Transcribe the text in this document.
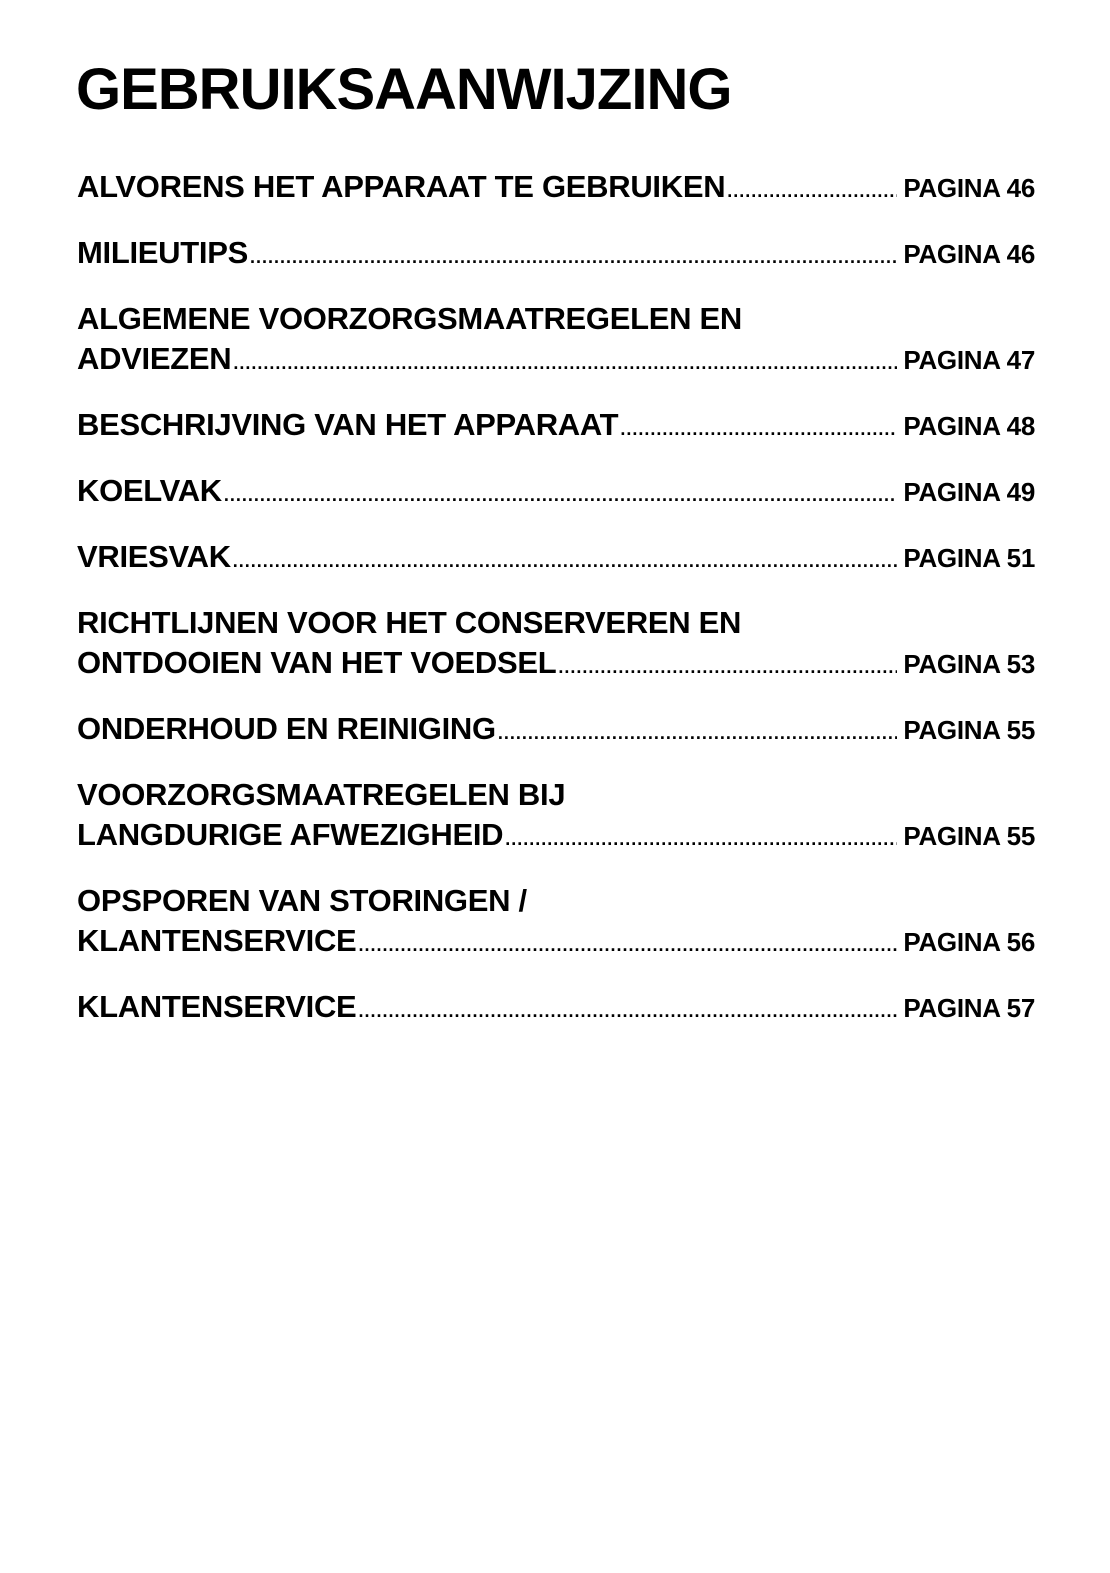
GEBRUIKSAANWIJZING
ALVORENS HET APPARAAT TE GEBRUIKEN .....	PAGINA 46
MILIEUTIPS .....	PAGINA 46
ALGEMENE VOORZORGSMAATREGELEN EN
ADVIEZEN .....	PAGINA 47
BESCHRIJVING VAN HET APPARAAT .....	PAGINA 48
KOELVAK .....	PAGINA 49
VRIESVAK .....	PAGINA 51
RICHTLIJNEN VOOR HET CONSERVEREN EN
ONTDOOIEN VAN HET VOEDSEL .....	PAGINA 53
ONDERHOUD EN REINIGING .....	PAGINA 55
VOORZORGSMAATREGELEN BIJ
LANGDURIGE AFWEZIGHEID .....	PAGINA 55
OPSPOREN VAN STORINGEN /
KLANTENSERVICE .....	PAGINA 56
KLANTENSERVICE .....	PAGINA 57
